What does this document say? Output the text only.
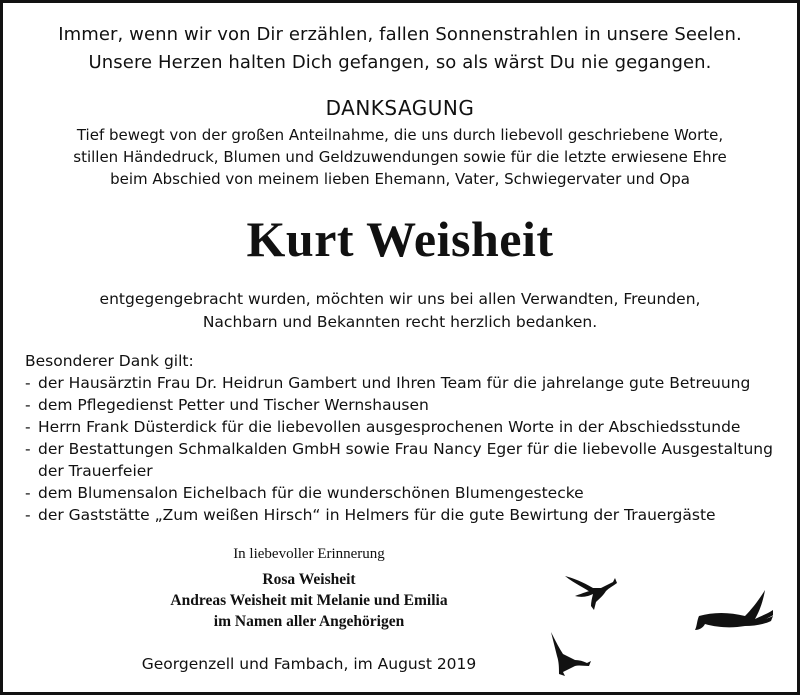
Immer, wenn wir von Dir erzählen, fallen Sonnenstrahlen in unsere Seelen.
Unsere Herzen halten Dich gefangen, so als wärst Du nie gegangen.
DANKSAGUNG
Tief bewegt von der großen Anteilnahme, die uns durch liebevoll geschriebene Worte,
stillen Händedruck, Blumen und Geldzuwendungen sowie für die letzte erwiesene Ehre
beim Abschied von meinem lieben Ehemann, Vater, Schwiegervater und Opa
Kurt Weisheit
entgegengebracht wurden, möchten wir uns bei allen Verwandten, Freunden,
Nachbarn und Bekannten recht herzlich bedanken.

Besonderer Dank gilt:

- der Hausärztin Frau Dr. Heidrun Gambert und Ihren Team für die jahrelange gute Betreuung
- dem Pflegedienst Petter und Tischer Wernshausen
- Herrn Frank Düsterdick für die liebevollen ausgesprochenen Worte in der Abschiedsstunde
- der Bestattungen Schmalkalden GmbH sowie Frau Nancy Eger für die liebevolle Ausgestaltung der Trauerfeier
- dem Blumensalon Eichelbach für die wunderschönen Blumengestecke
- der Gaststätte „Zum weißen Hirsch“ in Helmers für die gute Bewirtung der Trauergäste
In liebevoller Erinnerung
Rosa Weisheit
Andreas Weisheit mit Melanie und Emilia
im Namen aller Angehörigen
Georgenzell und Fambach, im August 2019
